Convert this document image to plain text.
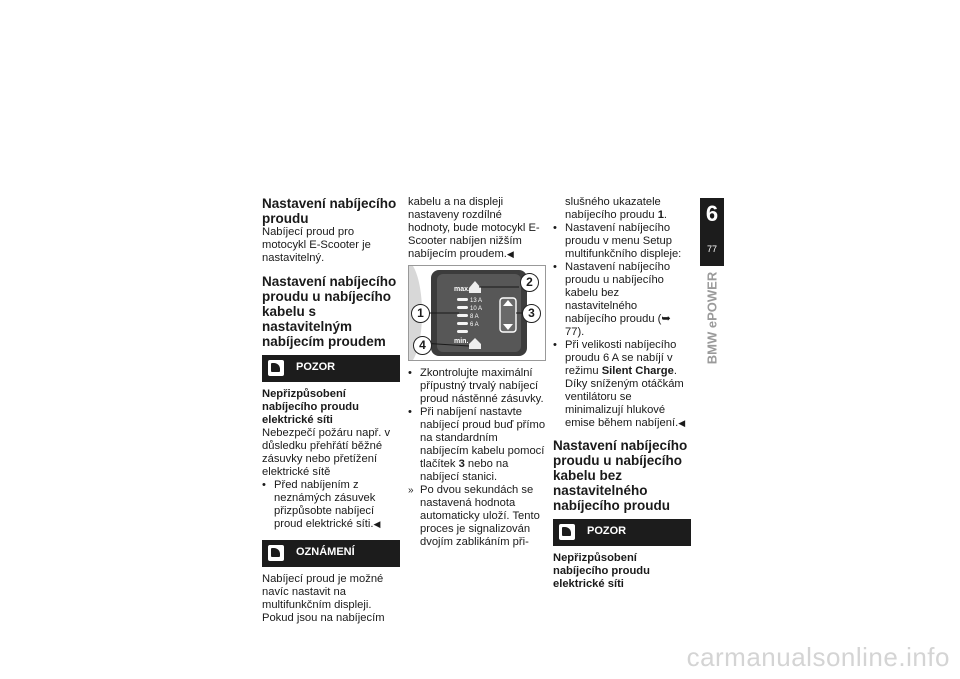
Nastavení nabíjecího proudu

Nabíjecí proud pro motocykl E-Scooter je nastavitelný.

Nastavení nabíjecího proudu u nabíjecího kabelu s nastavitelným nabíjecím proudem

POZOR

Nepřizpůsobení nabíjecího proudu elektrické síti

Nebezpečí požáru např. v důsledku přehřátí běžné zásuvky nebo přetížení elektrické sítě

• Před nabíjením z neznámých zásuvek přizpůsobte nabíjecí proud elektrické síti. ◀
OZNÁMENÍ

Nabíjecí proud je možné navíc nastavit na multifunkčním displeji. Pokud jsou na nabíjecím

kabelu a na displeji nastaveny rozdílné hodnoty, bude motocykl E-Scooter nabíjen nižším nabíjecím proudem. ◀

max.
min.
13 A
10 A
8 A
6 A
1
2
3
4
• Zkontrolujte maximální přípustný trvalý nabíjecí proud nástěnné zásuvky.
• Při nabíjení nastavte nabíjecí proud buď přímo na standardním nabíjecím kabelu pomocí tlačítek 3 nebo na nabíjecí stanici.
» Po dvou sekundách se nastavená hodnota automaticky uloží. Tento proces je signalizován dvojím zablikáním při-

slušného ukazatele nabíjecího proudu 1.

• Nastavení nabíjecího proudu v menu Setup multifunkčního displeje:
• Nastavení nabíjecího proudu u nabíjecího kabelu bez nastavitelného nabíjecího proudu (➥ 77).
• Při velikosti nabíjecího proudu 6 A se nabíjí v režimu Silent Charge. Díky sníženým otáčkám ventilátoru se minimalizují hlukové emise během nabíjení. ◀

Nastavení nabíjecího proudu u nabíjecího kabelu bez nastavitelného nabíjecího proudu

POZOR

Nepřizpůsobení nabíjecího proudu elektrické síti

6
77
BMW ePOWER
carmanualsonline.info
